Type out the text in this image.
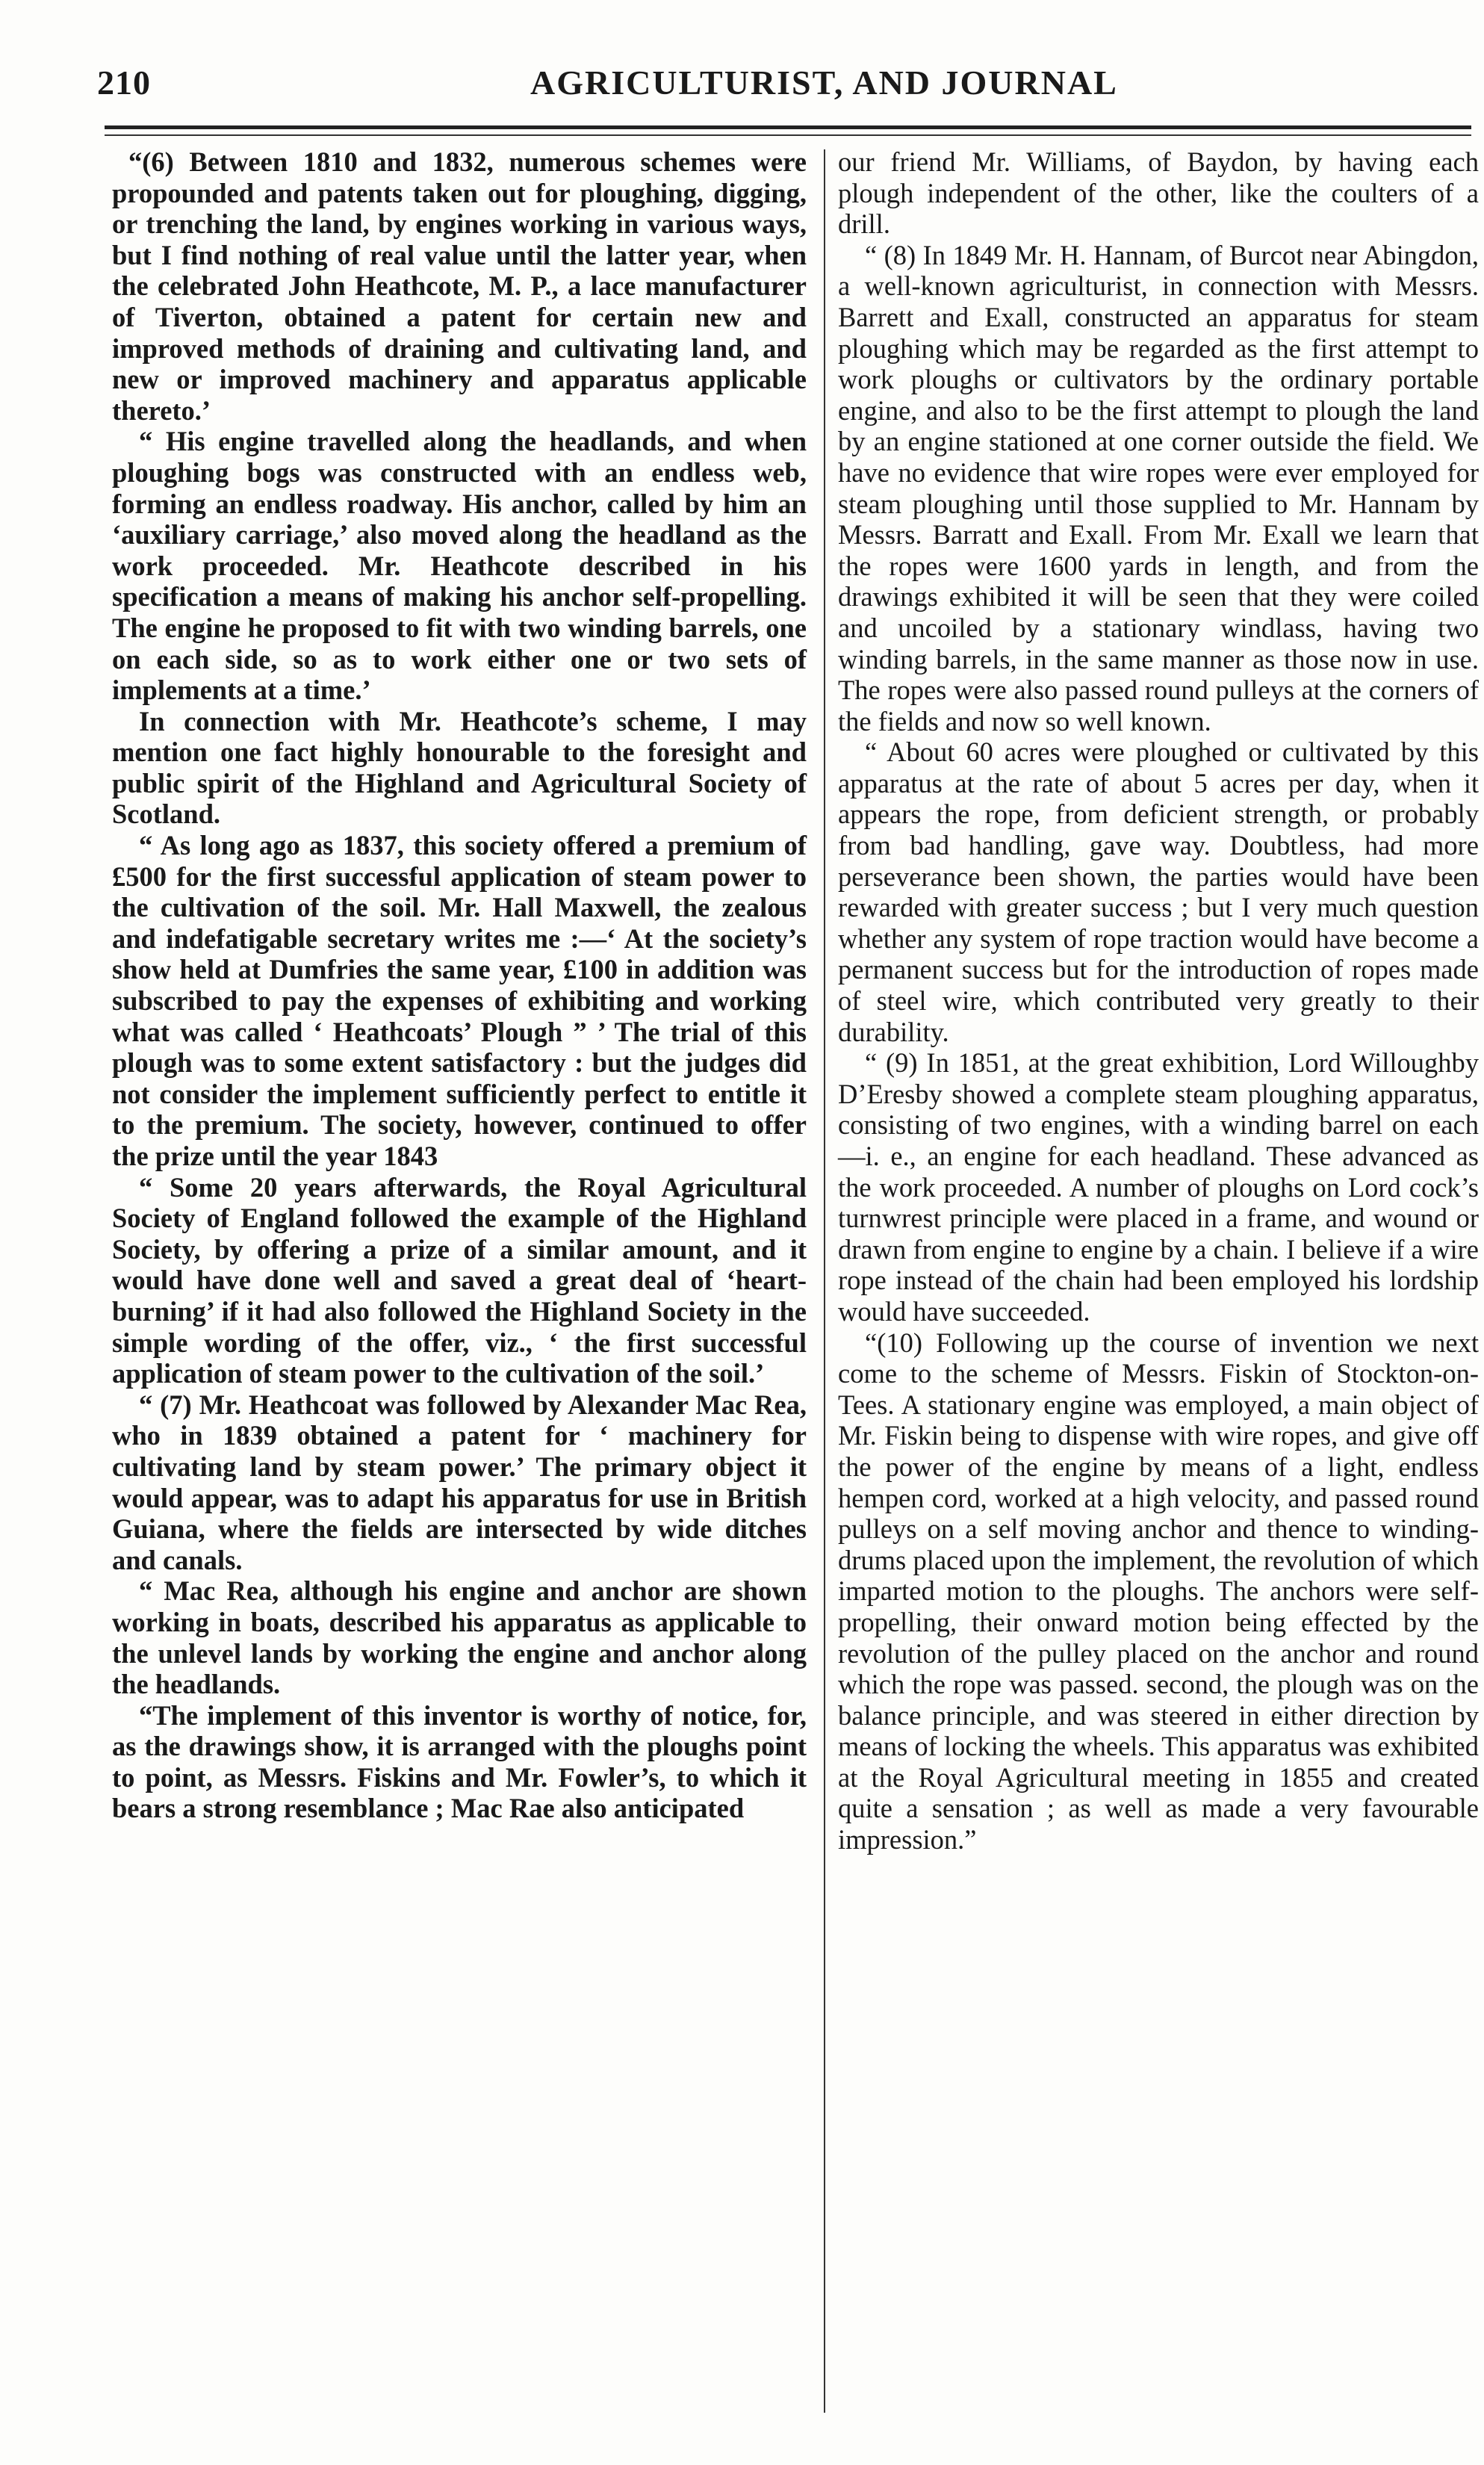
210	AGRICULTURIST, AND JOURNAL

“(6) Between 1810 and 1832, numerous schemes were propounded and patents taken out for ploughing, digging, or trenching the land, by engines working in various ways, but I find nothing of real value until the latter year, when the celebrated John Heathcote, M. P., a lace manufacturer of Tiverton, obtained a patent for certain new and improved methods of draining and cultivating land, and new or improved machinery and apparatus applicable thereto.’

“ His engine travelled along the headlands, and when ploughing bogs was constructed with an endless web, forming an endless roadway. His anchor, called by him an ‘auxiliary carriage,’ also moved along the headland as the work proceeded. Mr. Heathcote described in his specification a means of making his anchor self-propelling. The engine he proposed to fit with two winding barrels, one on each side, so as to work either one or two sets of implements at a time.’

In connection with Mr. Heathcote’s scheme, I may mention one fact highly honourable to the foresight and public spirit of the Highland and Agricultural Society of Scotland.

“ As long ago as 1837, this society offered a premium of £500 for the first successful application of steam power to the cultivation of the soil. Mr. Hall Maxwell, the zealous and indefatigable secretary writes me :—‘ At the society’s show held at Dumfries the same year, £100 in addition was subscribed to pay the expenses of exhibiting and working what was called ‘ Heathcoats’ Plough ” ’ The trial of this plough was to some extent satisfactory : but the judges did not consider the implement sufficiently perfect to entitle it to the premium. The society, however, continued to offer the prize until the year 1843

“ Some 20 years afterwards, the Royal Agricultural Society of England followed the example of the Highland Society, by offering a prize of a similar amount, and it would have done well and saved a great deal of ‘heart-burning’ if it had also followed the Highland Society in the simple wording of the offer, viz., ‘ the first successful application of steam power to the cultivation of the soil.’

“ (7) Mr. Heathcoat was followed by Alexander Mac Rea, who in 1839 obtained a patent for ‘ machinery for cultivating land by steam power.’ The primary object it would appear, was to adapt his apparatus for use in British Guiana, where the fields are intersected by wide ditches and canals.

“ Mac Rea, although his engine and anchor are shown working in boats, described his apparatus as applicable to the unlevel lands by working the engine and anchor along the headlands.

“The implement of this inventor is worthy of notice, for, as the drawings show, it is arranged with the ploughs point to point, as Messrs. Fiskins and Mr. Fowler’s, to which it bears a strong resemblance ; Mac Rae also anticipated

our friend Mr. Williams, of Baydon, by having each plough independent of the other, like the coulters of a drill.

“ (8) In 1849 Mr. H. Hannam, of Burcot near Abingdon, a well-known agriculturist, in connection with Messrs. Barrett and Exall, constructed an apparatus for steam ploughing which may be regarded as the first attempt to work ploughs or cultivators by the ordinary portable engine, and also to be the first attempt to plough the land by an engine stationed at one corner outside the field. We have no evidence that wire ropes were ever employed for steam ploughing until those supplied to Mr. Hannam by Messrs. Barratt and Exall. From Mr. Exall we learn that the ropes were 1600 yards in length, and from the drawings exhibited it will be seen that they were coiled and uncoiled by a stationary windlass, having two winding barrels, in the same manner as those now in use. The ropes were also passed round pulleys at the corners of the fields and now so well known.

“ About 60 acres were ploughed or cultivated by this apparatus at the rate of about 5 acres per day, when it appears the rope, from deficient strength, or probably from bad handling, gave way. Doubtless, had more perseverance been shown, the parties would have been rewarded with greater success ; but I very much question whether any system of rope traction would have become a permanent success but for the introduction of ropes made of steel wire, which contributed very greatly to their durability.

“ (9) In 1851, at the great exhibition, Lord Willoughby D’Eresby showed a complete steam ploughing apparatus, consisting of two engines, with a winding barrel on each—i. e., an engine for each headland. These advanced as the work proceeded. A number of ploughs on Lord cock’s turnwrest principle were placed in a frame, and wound or drawn from engine to engine by a chain. I believe if a wire rope instead of the chain had been employed his lordship would have succeeded.

“(10) Following up the course of invention we next come to the scheme of Messrs. Fiskin of Stockton-on-Tees. A stationary engine was employed, a main object of Mr. Fiskin being to dispense with wire ropes, and give off the power of the engine by means of a light, endless hempen cord, worked at a high velocity, and passed round pulleys on a self moving anchor and thence to winding-drums placed upon the implement, the revolution of which imparted motion to the ploughs. The anchors were self-propelling, their onward motion being effected by the revolution of the pulley placed on the anchor and round which the rope was passed. second, the plough was on the balance principle, and was steered in either direction by means of locking the wheels. This apparatus was exhibited at the Royal Agricultural meeting in 1855 and created quite a sensation ; as well as made a very favourable impression.”
